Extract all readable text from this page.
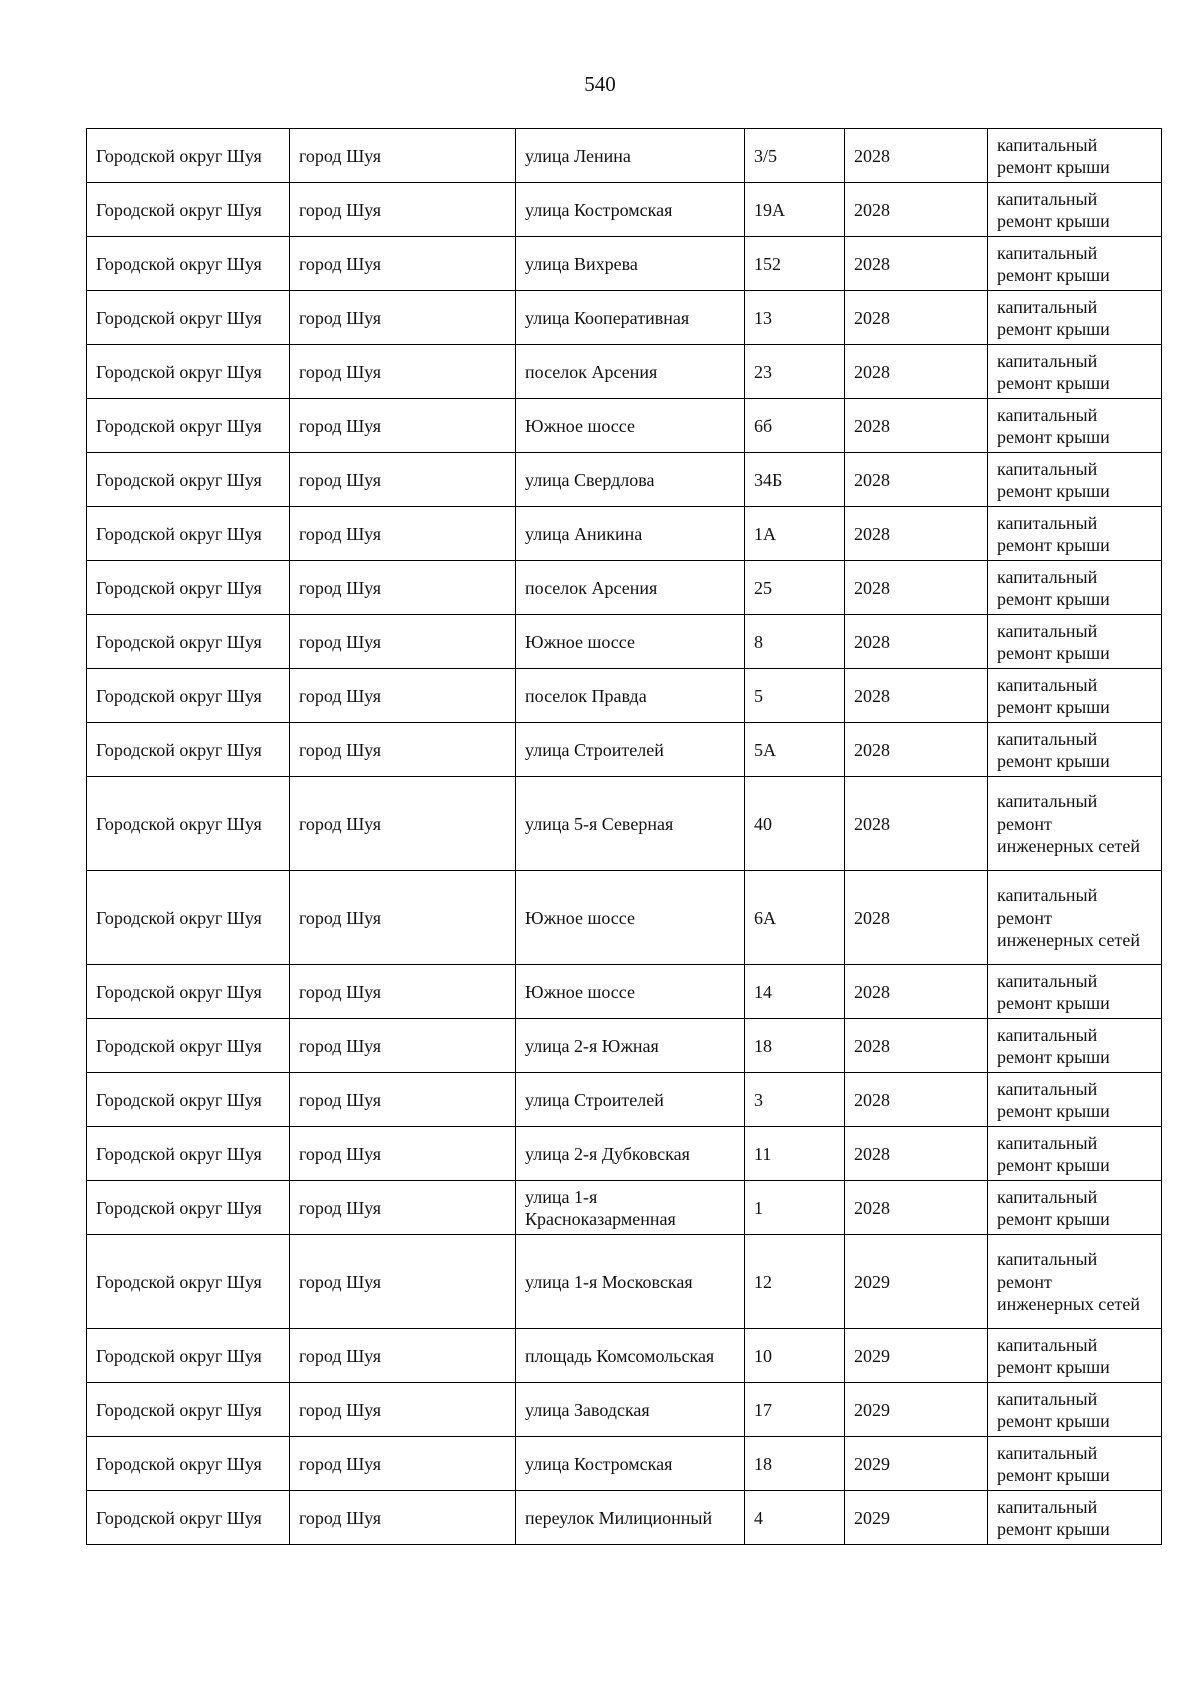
540
Городской округ Шуя	город Шуя	улица Ленина	3/5	2028	капитальный ремонт крыши
Городской округ Шуя	город Шуя	улица Костромская	19А	2028	капитальный ремонт крыши
Городской округ Шуя	город Шуя	улица Вихрева	152	2028	капитальный ремонт крыши
Городской округ Шуя	город Шуя	улица Кооперативная	13	2028	капитальный ремонт крыши
Городской округ Шуя	город Шуя	поселок Арсения	23	2028	капитальный ремонт крыши
Городской округ Шуя	город Шуя	Южное шоссе	6б	2028	капитальный ремонт крыши
Городской округ Шуя	город Шуя	улица Свердлова	34Б	2028	капитальный ремонт крыши
Городской округ Шуя	город Шуя	улица Аникина	1А	2028	капитальный ремонт крыши
Городской округ Шуя	город Шуя	поселок Арсения	25	2028	капитальный ремонт крыши
Городской округ Шуя	город Шуя	Южное шоссе	8	2028	капитальный ремонт крыши
Городской округ Шуя	город Шуя	поселок Правда	5	2028	капитальный ремонт крыши
Городской округ Шуя	город Шуя	улица Строителей	5А	2028	капитальный ремонт крыши
Городской округ Шуя	город Шуя	улица 5-я Северная	40	2028	капитальный ремонт инженерных сетей
Городской округ Шуя	город Шуя	Южное шоссе	6А	2028	капитальный ремонт инженерных сетей
Городской округ Шуя	город Шуя	Южное шоссе	14	2028	капитальный ремонт крыши
Городской округ Шуя	город Шуя	улица 2-я Южная	18	2028	капитальный ремонт крыши
Городской округ Шуя	город Шуя	улица Строителей	3	2028	капитальный ремонт крыши
Городской округ Шуя	город Шуя	улица 2-я Дубковская	11	2028	капитальный ремонт крыши
Городской округ Шуя	город Шуя	улица 1-я Красноказарменная	1	2028	капитальный ремонт крыши
Городской округ Шуя	город Шуя	улица 1-я Московская	12	2029	капитальный ремонт инженерных сетей
Городской округ Шуя	город Шуя	площадь Комсомольская	10	2029	капитальный ремонт крыши
Городской округ Шуя	город Шуя	улица Заводская	17	2029	капитальный ремонт крыши
Городской округ Шуя	город Шуя	улица Костромская	18	2029	капитальный ремонт крыши
Городской округ Шуя	город Шуя	переулок Милиционный	4	2029	капитальный ремонт крыши
